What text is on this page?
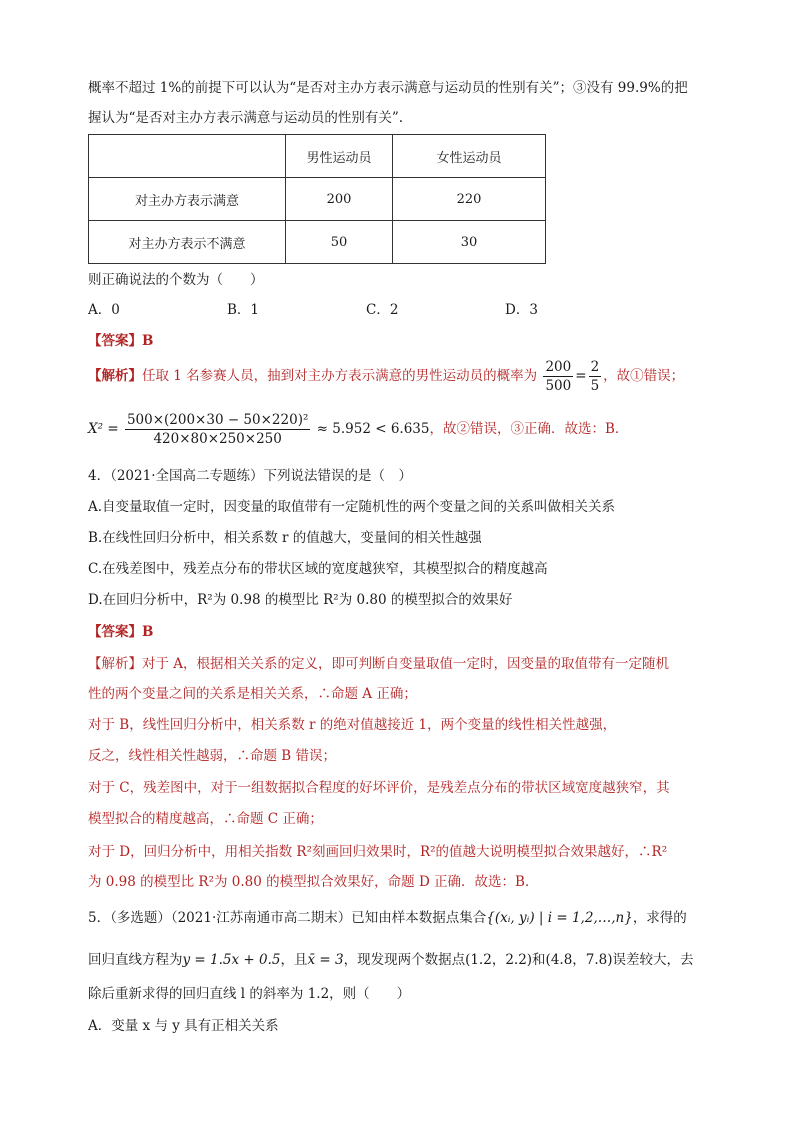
概率不超过 1%的前提下可以认为“是否对主办方表示满意与运动员的性别有关”；③没有 99.9%的把
握认为“是否对主办方表示满意与运动员的性别有关”.
	男性运动员	女性运动员
对主办方表示满意	200	220
对主办方表示不满意	50	30
则正确说法的个数为（　　）
A．0	B．1	C．2	D．3
【答案】B
【解析】任取 1 名参赛人员，抽到对主办方表示满意的男性运动员的概率为 $\frac{200}{500} = \frac{2}{5}$ ，故①错误；
$X^2 = \frac{\text{500×(200×30 − 50×220)²}}{420\times 80\times 250\times 250} \approx 5.952 < 6.635$，故②错误，③正确．故选：B．
4．（2021·全国高二专题练）下列说法错误的是（　）
A.自变量取值一定时，因变量的取值带有一定随机性的两个变量之间的关系叫做相关关系
B.在线性回归分析中，相关系数 r 的值越大，变量间的相关性越强
C.在残差图中，残差点分布的带状区域的宽度越狭窄，其模型拟合的精度越高
D.在回归分析中，R²为 0.98 的模型比 R²为 0.80 的模型拟合的效果好
【答案】B
【解析】对于 A，根据相关关系的定义，即可判断自变量取值一定时，因变量的取值带有一定随机
性的两个变量之间的关系是相关关系，∴命题 A 正确；
对于 B，线性回归分析中，相关系数 r 的绝对值越接近 1，两个变量的线性相关性越强，
反之，线性相关性越弱，∴命题 B 错误；
对于 C，残差图中，对于一组数据拟合程度的好坏评价，是残差点分布的带状区域宽度越狭窄，其
模型拟合的精度越高，∴命题 C 正确；
对于 D，回归分析中，用相关指数 R²刻画回归效果时，R²的值越大说明模型拟合效果越好，∴R²
为 0.98 的模型比 R²为 0.80 的模型拟合效果好，命题 D 正确．故选：B．
5．（多选题）（2021·江苏南通市高二期末）已知由样本数据点集合{(xᵢ, yᵢ) | i = 1,2,…,n}，求得的
回归直线方程为y = 1.5x + 0.5，且x̄ = 3，现发现两个数据点(1.2，2.2)和(4.8，7.8)误差较大，去
除后重新求得的回归直线 l 的斜率为 1.2，则（　　）
A．变量 x 与 y 具有正相关关系
